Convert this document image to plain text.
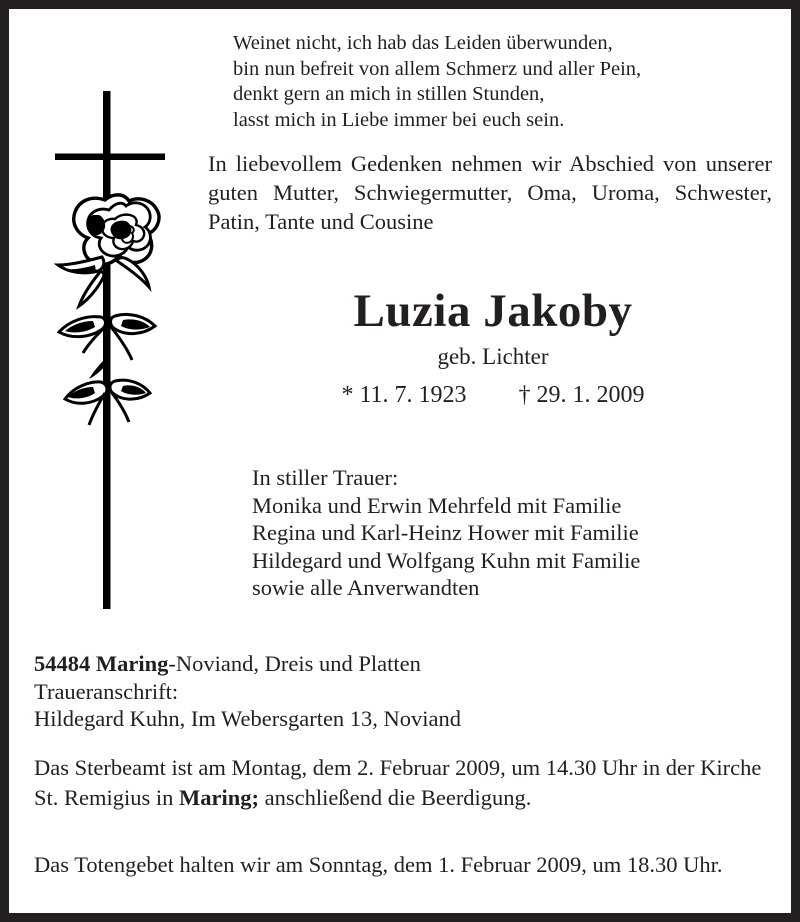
Weinet nicht, ich hab das Leiden überwunden,
bin nun befreit von allem Schmerz und aller Pein,
denkt gern an mich in stillen Stunden,
lasst mich in Liebe immer bei euch sein.
In liebevollem Gedenken nehmen wir Abschied von unserer guten Mutter, Schwiegermutter, Oma, Uroma, Schwester, Patin, Tante und Cousine
Luzia Jakoby
geb. Lichter
* 11. 7. 1923 † 29. 1. 2009
In stiller Trauer:
Monika und Erwin Mehrfeld mit Familie
Regina und Karl-Heinz Hower mit Familie
Hildegard und Wolfgang Kuhn mit Familie
sowie alle Anverwandten
54484 Maring-Noviand, Dreis und Platten
Traueranschrift:
Hildegard Kuhn, Im Webersgarten 13, Noviand

Das Sterbeamt ist am Montag, dem 2. Februar 2009, um 14.30 Uhr in der Kirche St. Remigius in Maring; anschließend die Beerdigung.

Das Totengebet halten wir am Sonntag, dem 1. Februar 2009, um 18.30 Uhr.
